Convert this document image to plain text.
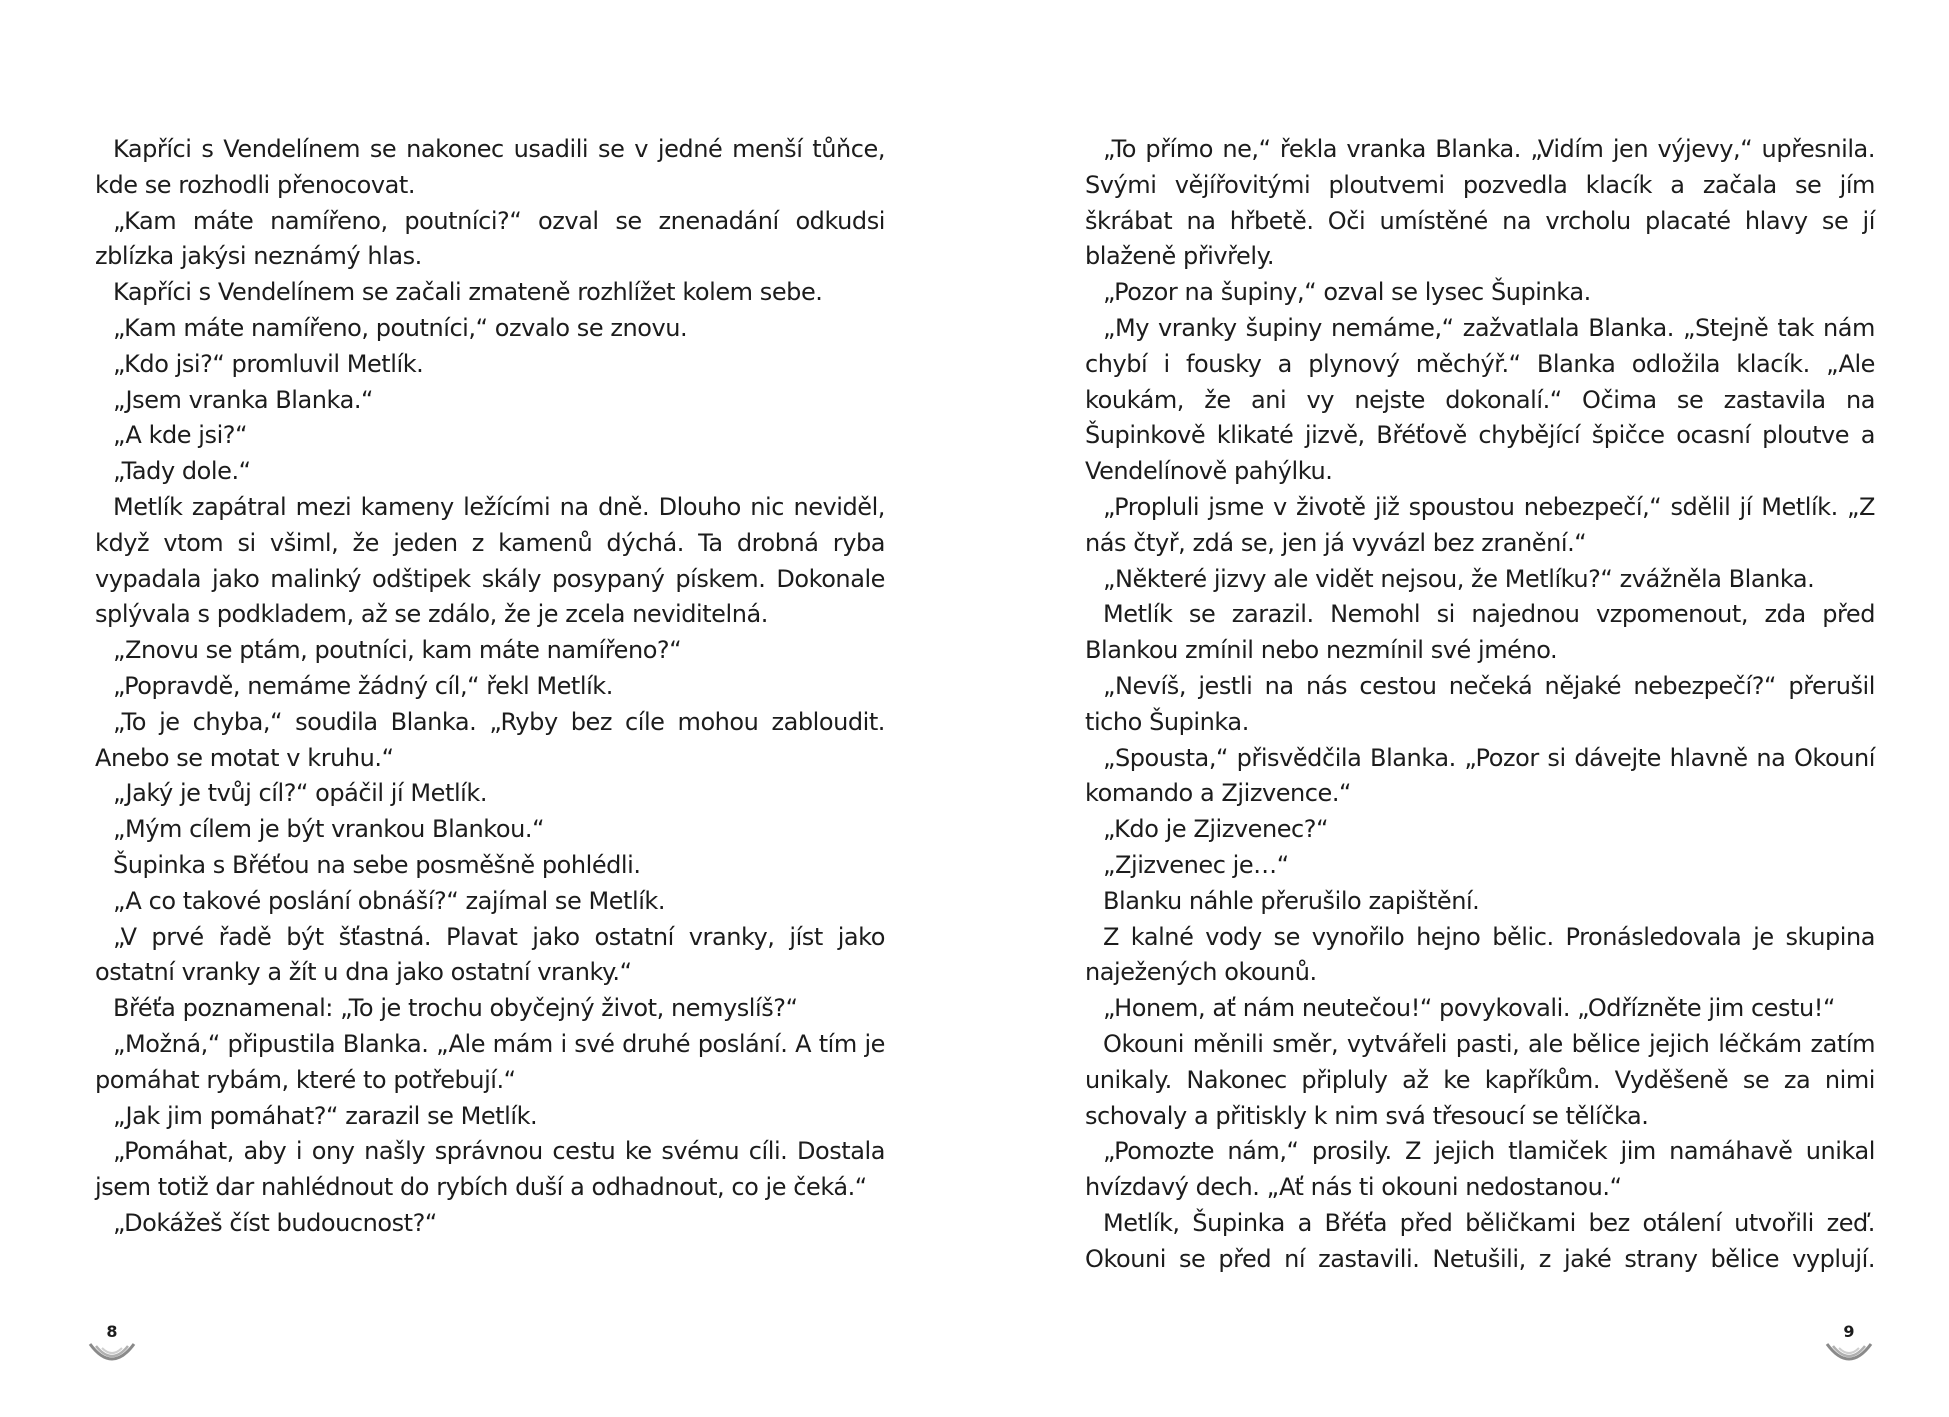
Kapříci s Vendelínem se nakonec usadili se v jedné menší tůňce, kde se rozhodli přenocovat.

„Kam máte namířeno, poutníci?“ ozval se znenadání odkudsi zblízka jakýsi neznámý hlas.

Kapříci s Vendelínem se začali zmateně rozhlížet kolem sebe.

„Kam máte namířeno, poutníci,“ ozvalo se znovu.

„Kdo jsi?“ promluvil Metlík.

„Jsem vranka Blanka.“

„A kde jsi?“

„Tady dole.“

Metlík zapátral mezi kameny ležícími na dně. Dlouho nic neviděl, když vtom si všiml, že jeden z kamenů dýchá. Ta drobná ryba vypadala jako malinký odštipek skály posypaný pískem. Dokonale splývala s podkladem, až se zdálo, že je zcela neviditelná.

„Znovu se ptám, poutníci, kam máte namířeno?“

„Popravdě, nemáme žádný cíl,“ řekl Metlík.

„To je chyba,“ soudila Blanka. „Ryby bez cíle mohou zabloudit. Anebo se motat v kruhu.“

„Jaký je tvůj cíl?“ opáčil jí Metlík.

„Mým cílem je být vrankou Blankou.“

Šupinka s Břéťou na sebe posměšně pohlédli.

„A co takové poslání obnáší?“ zajímal se Metlík.

„V prvé řadě být šťastná. Plavat jako ostatní vranky, jíst jako ostatní vranky a žít u dna jako ostatní vranky.“

Břéťa poznamenal: „To je trochu obyčejný život, nemyslíš?“

„Možná,“ připustila Blanka. „Ale mám i své druhé poslání. A tím je pomáhat rybám, které to potřebují.“

„Jak jim pomáhat?“ zarazil se Metlík.

„Pomáhat, aby i ony našly správnou cestu ke svému cíli. Dostala jsem totiž dar nahlédnout do rybích duší a odhadnout, co je čeká.“

„Dokážeš číst budoucnost?“

„To přímo ne,“ řekla vranka Blanka. „Vidím jen výjevy,“ upřesnila. Svými vějířovitými ploutvemi pozvedla klacík a začala se jím škrábat na hřbetě. Oči umístěné na vrcholu placaté hlavy se jí blaženě přivřely.

„Pozor na šupiny,“ ozval se lysec Šupinka.

„My vranky šupiny nemáme,“ zažvatlala Blanka. „Stejně tak nám chybí i fousky a plynový měchýř.“ Blanka odložila klacík. „Ale koukám, že ani vy nejste dokonalí.“ Očima se zastavila na Šupinkově klikaté jizvě, Břéťově chybějící špičce ocasní ploutve a Vendelínově pahýlku.

„Propluli jsme v životě již spoustou nebezpečí,“ sdělil jí Metlík. „Z nás čtyř, zdá se, jen já vyvázl bez zranění.“

„Některé jizvy ale vidět nejsou, že Metlíku?“ zvážněla Blanka.

Metlík se zarazil. Nemohl si najednou vzpomenout, zda před Blankou zmínil nebo nezmínil své jméno.

„Nevíš, jestli na nás cestou nečeká nějaké nebezpečí?“ přerušil ticho Šupinka.

„Spousta,“ přisvědčila Blanka. „Pozor si dávejte hlavně na Okouní komando a Zjizvence.“

„Kdo je Zjizvenec?“

„Zjizvenec je…“

Blanku náhle přerušilo zapištění.

Z kalné vody se vynořilo hejno bělic. Pronásledovala je skupina naježených okounů.

„Honem, ať nám neutečou!“ povykovali. „Odřízněte jim cestu!“

Okouni měnili směr, vytvářeli pasti, ale bělice jejich léčkám zatím unikaly. Nakonec připluly až ke kapříkům. Vyděšeně se za nimi schovaly a přitiskly k nim svá třesoucí se tělíčka.

„Pomozte nám,“ prosily. Z jejich tlamiček jim namáhavě unikal hvízdavý dech. „Ať nás ti okouni nedostanou.“

Metlík, Šupinka a Břéťa před běličkami bez otálení utvořili zeď. Okouni se před ní zastavili. Netušili, z jaké strany bělice vyplují.

8	9
